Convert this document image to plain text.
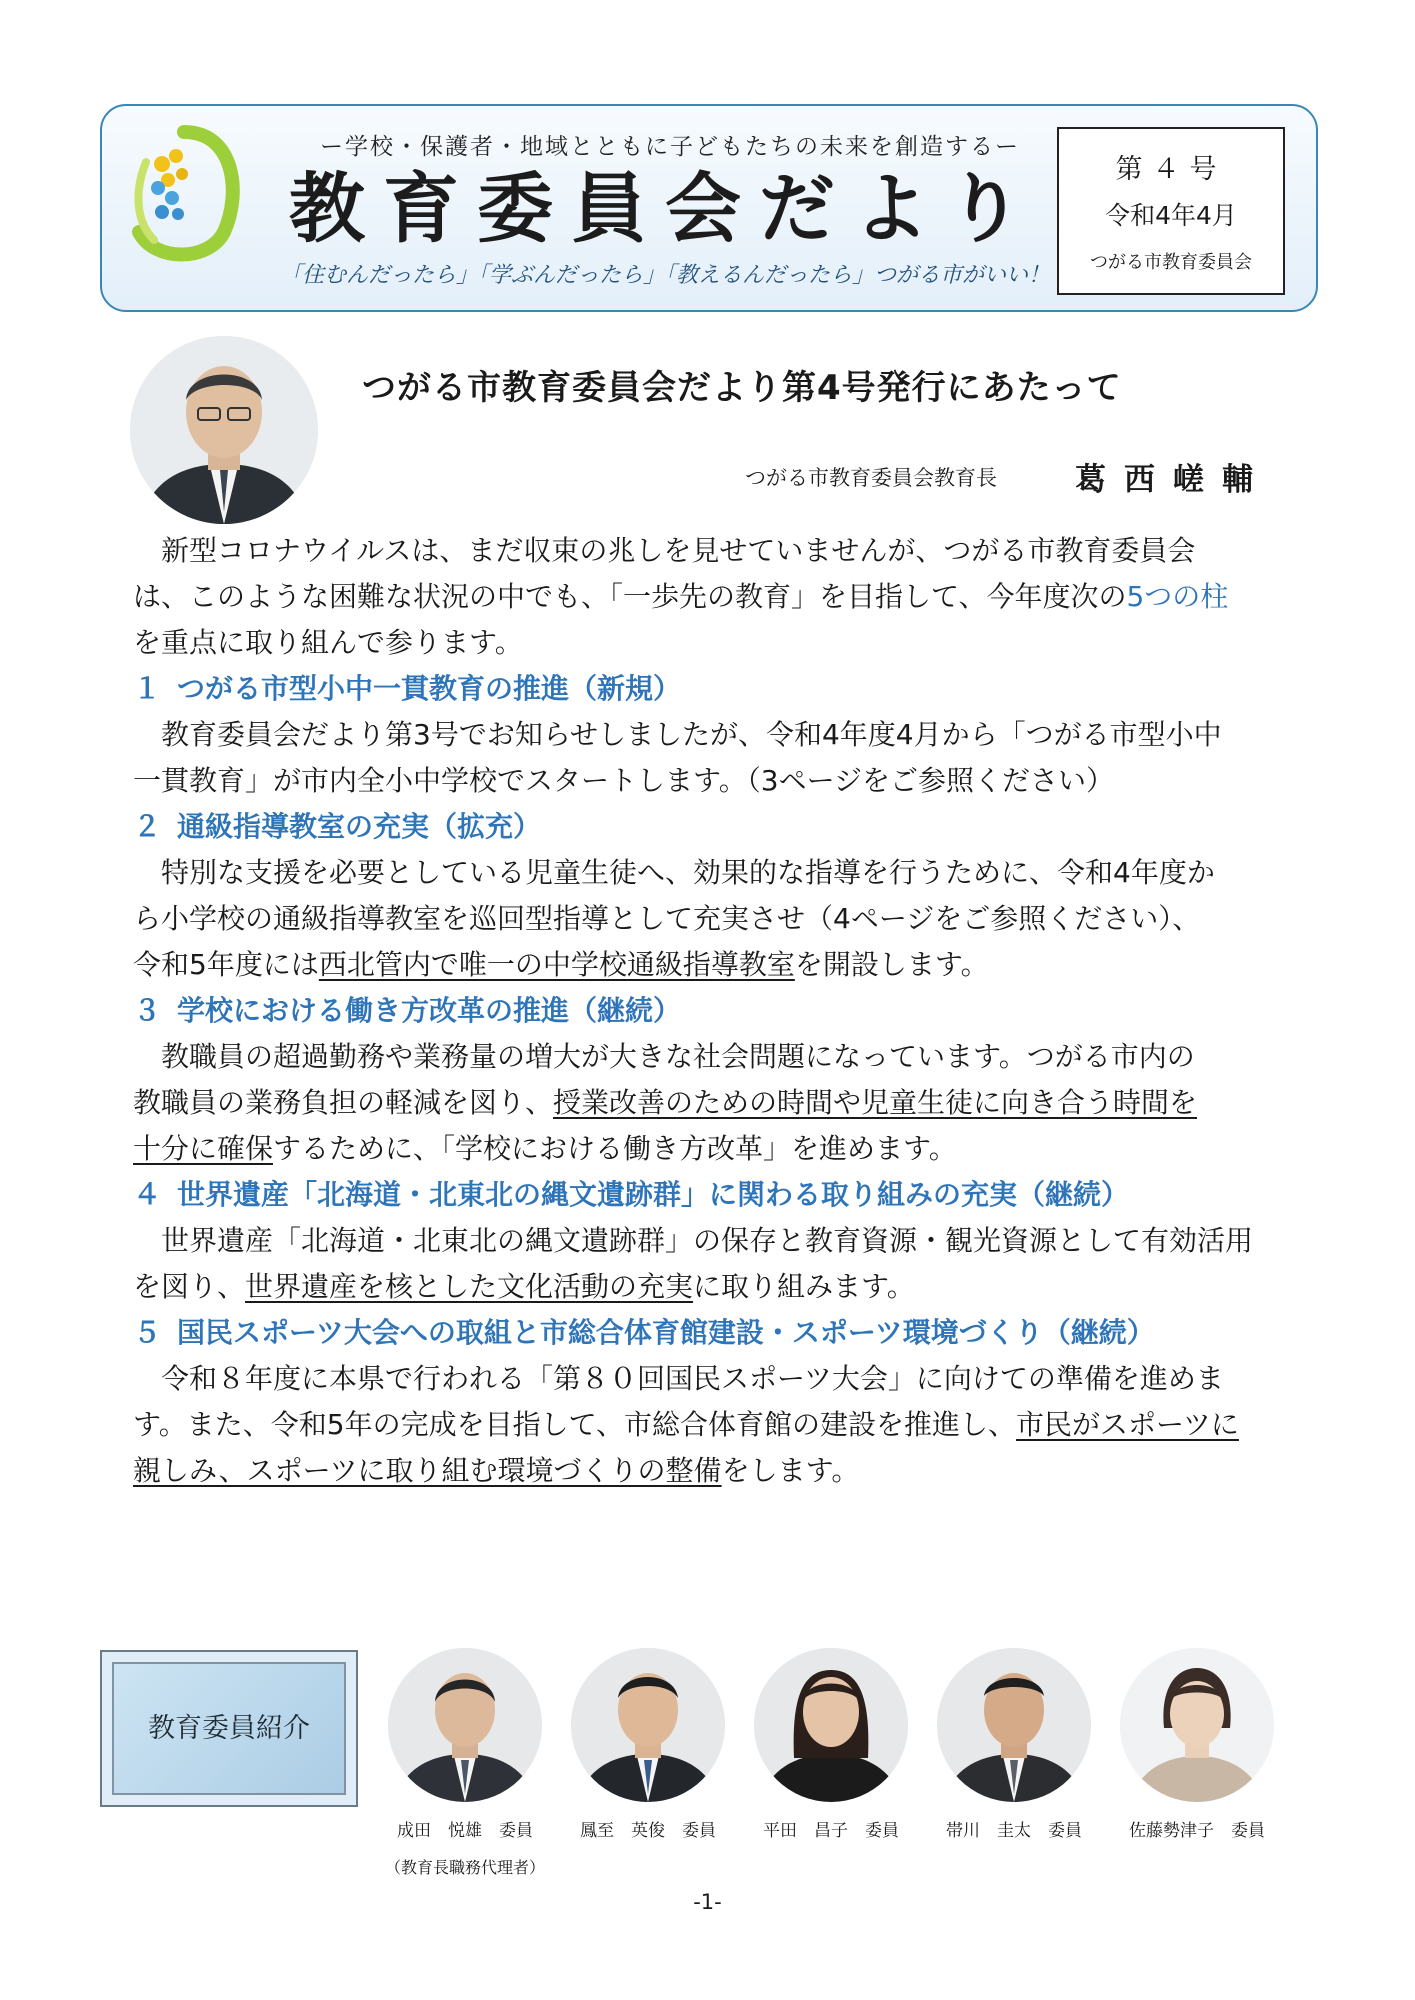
ー学校・保護者・地域とともに子どもたちの未来を創造するー
教育委員会だより
「住むんだったら」「学ぶんだったら」「教えるんだったら」つがる市がいい！
第４号
令和4年4月
つがる市教育委員会
つがる市教育委員会だより第4号発行にあたって
つがる市教育委員会教育長	葛西嵯輔

新型コロナウイルスは、まだ収束の兆しを見せていませんが、つがる市教育委員会

は、このような困難な状況の中でも、「一歩先の教育」を目指して、今年度次の5つの柱

を重点に取り組んで参ります。

１ つがる市型小中一貫教育の推進（新規）

教育委員会だより第3号でお知らせしましたが、令和4年度4月から「つがる市型小中

一貫教育」が市内全小中学校でスタートします。（3ページをご参照ください）

２ 通級指導教室の充実（拡充）

特別な支援を必要としている児童生徒へ、効果的な指導を行うために、令和4年度か

ら小学校の通級指導教室を巡回型指導として充実させ（4ページをご参照ください）、

令和5年度には西北管内で唯一の中学校通級指導教室を開設します。

３ 学校における働き方改革の推進（継続）

教職員の超過勤務や業務量の増大が大きな社会問題になっています。つがる市内の

教職員の業務負担の軽減を図り、授業改善のための時間や児童生徒に向き合う時間を

十分に確保するために、「学校における働き方改革」を進めます。

４ 世界遺産「北海道・北東北の縄文遺跡群」に関わる取り組みの充実（継続）

世界遺産「北海道・北東北の縄文遺跡群」の保存と教育資源・観光資源として有効活用

を図り、世界遺産を核とした文化活動の充実に取り組みます。

５ 国民スポーツ大会への取組と市総合体育館建設・スポーツ環境づくり（継続）

令和８年度に本県で行われる「第８０回国民スポーツ大会」に向けての準備を進めま

す。また、令和5年の完成を目指して、市総合体育館の建設を推進し、市民がスポーツに

親しみ、スポーツに取り組む環境づくりの整備をします。

教育委員紹介
成田　悦雄　委員
（教育長職務代理者）
鳳至　英俊　委員	平田　昌子　委員	帯川　圭太　委員	佐藤勢津子　委員
-1-
